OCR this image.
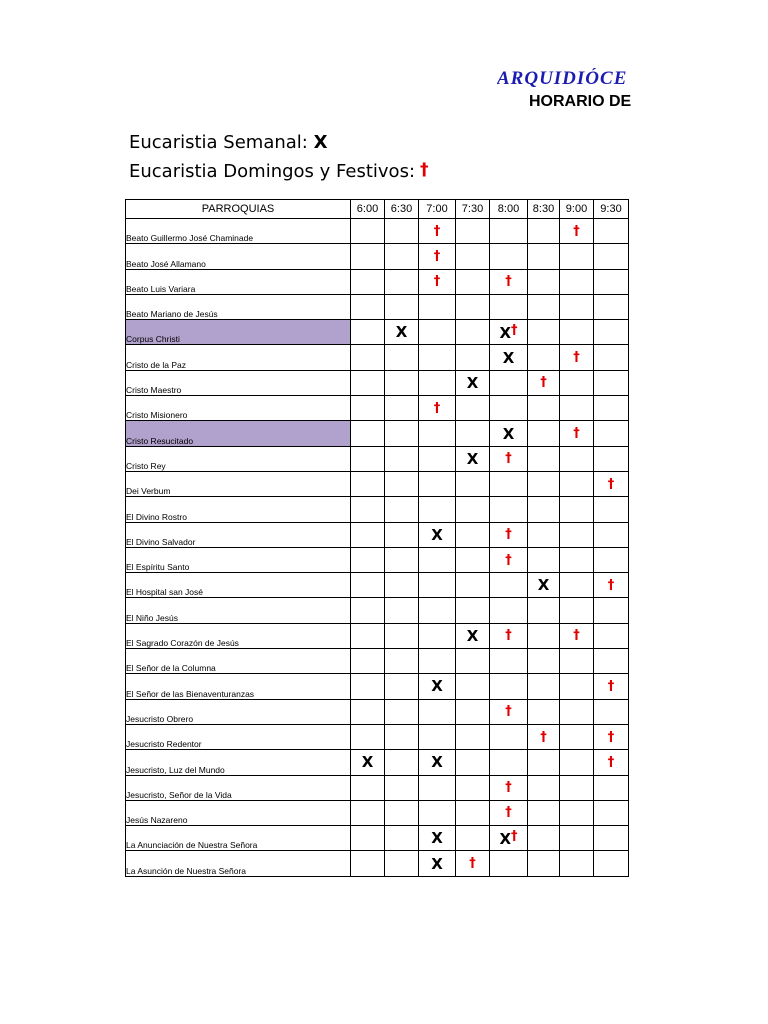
ARQUIDIÓCE
HORARIO DE
Eucaristia Semanal: X
Eucaristia Domingos y Festivos: †
PARROQUIAS	6:00	6:30	7:00	7:30	8:00	8:30	9:00	9:30
Beato Guillermo José Chaminade			†				†	
Beato José Allamano			†					
Beato Luis Variara			†		†			
Beato Mariano de Jesús								
Corpus Christi		X			X†			
Cristo de la Paz					X		†	
Cristo Maestro				X		†		
Cristo Misionero			†					
Cristo Resucitado					X		†	
Cristo Rey				X	†			
Dei Verbum								†
El Divino Rostro								
El Divino Salvador			X		†			
El Espíritu Santo					†			
El Hospital san José						X		†
El Niño Jesús								
El Sagrado Corazón de Jesús				X	†		†	
El Señor de la Columna								
El Señor de las Bienaventuranzas			X					†
Jesucristo Obrero					†			
Jesucristo Redentor						†		†
Jesucristo, Luz del Mundo	X		X					†
Jesucristo, Señor de la Vida					†			
Jesús Nazareno					†			
La Anunciación de Nuestra Señora			X		X†			
La Asunción de Nuestra Señora			X	†				
